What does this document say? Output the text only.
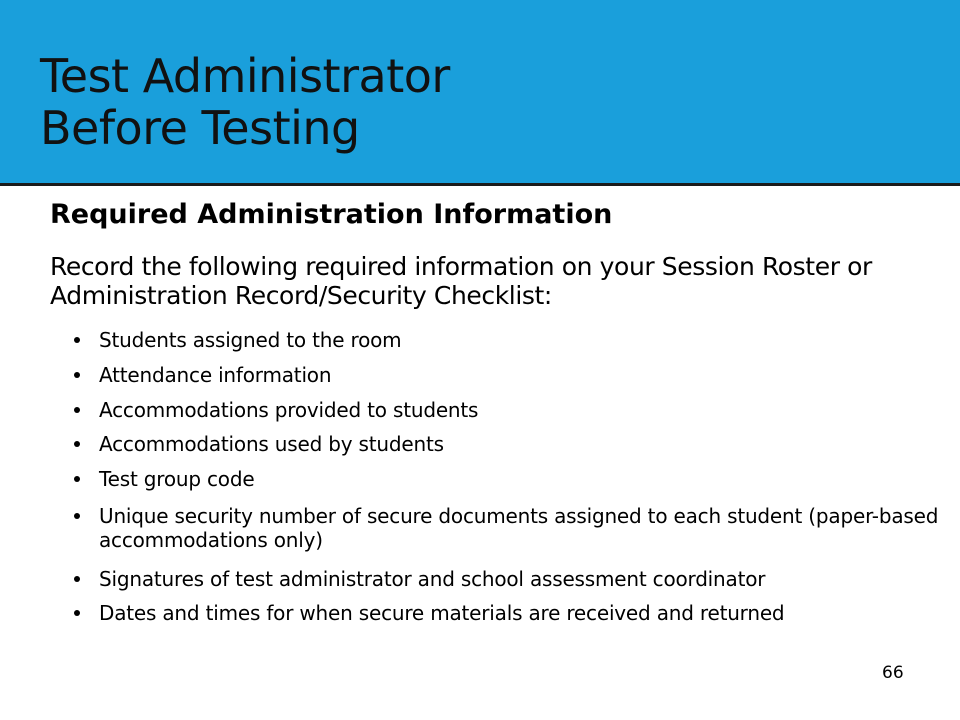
Test Administrator
Before Testing
Required Administration Information
Record the following required information on your Session Roster or Administration Record/Security Checklist:
Students assigned to the room
Attendance information
Accommodations provided to students
Accommodations used by students
Test group code
Unique security number of secure documents assigned to each student (paper-based accommodations only)
Signatures of test administrator and school assessment coordinator
Dates and times for when secure materials are received and returned
66
